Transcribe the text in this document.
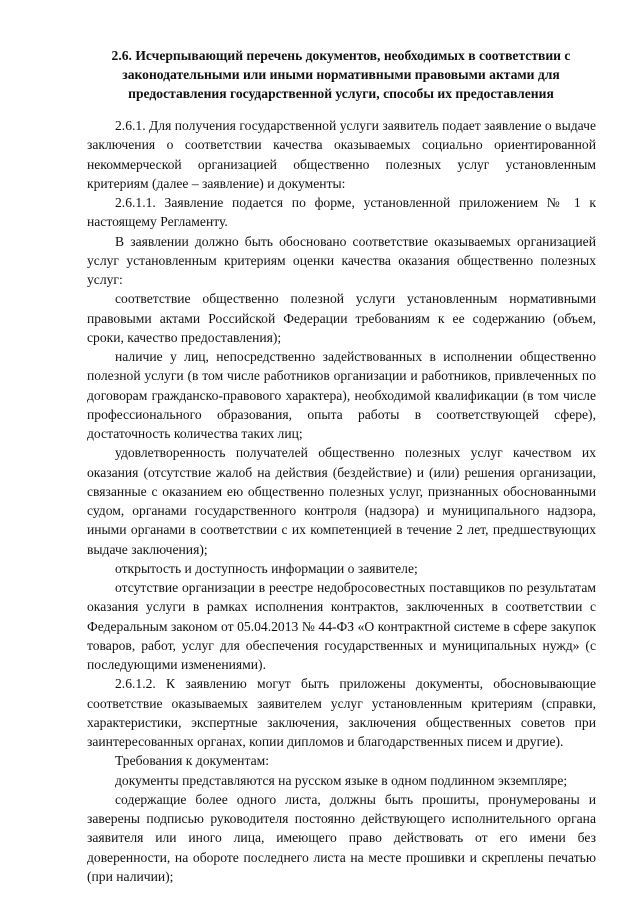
2.6. Исчерпывающий перечень документов, необходимых в соответствии с законодательными или иными нормативными правовыми актами для предоставления государственной услуги, способы их предоставления

2.6.1. Для получения государственной услуги заявитель подает заявление о выдаче заключения о соответствии качества оказываемых социально ориентированной некоммерческой организацией общественно полезных услуг установленным критериям (далее – заявление) и документы:

2.6.1.1. Заявление подается по форме, установленной приложением № 1 к настоящему Регламенту.

В заявлении должно быть обосновано соответствие оказываемых организацией услуг установленным критериям оценки качества оказания общественно полезных услуг:

соответствие общественно полезной услуги установленным нормативными правовыми актами Российской Федерации требованиям к ее содержанию (объем, сроки, качество предоставления);

наличие у лиц, непосредственно задействованных в исполнении общественно полезной услуги (в том числе работников организации и работников, привлеченных по договорам гражданско-правового характера), необходимой квалификации (в том числе профессионального образования, опыта работы в соответствующей сфере), достаточность количества таких лиц;

удовлетворенность получателей общественно полезных услуг качеством их оказания (отсутствие жалоб на действия (бездействие) и (или) решения организации, связанные с оказанием ею общественно полезных услуг, признанных обоснованными судом, органами государственного контроля (надзора) и муниципального надзора, иными органами в соответствии с их компетенцией в течение 2 лет, предшествующих выдаче заключения);

открытость и доступность информации о заявителе;

отсутствие организации в реестре недобросовестных поставщиков по результатам оказания услуги в рамках исполнения контрактов, заключенных в соответствии с Федеральным законом от 05.04.2013 № 44-ФЗ «О контрактной системе в сфере закупок товаров, работ, услуг для обеспечения государственных и муниципальных нужд» (с последующими изменениями).

2.6.1.2. К заявлению могут быть приложены документы, обосновывающие соответствие оказываемых заявителем услуг установленным критериям (справки, характеристики, экспертные заключения, заключения общественных советов при заинтересованных органах, копии дипломов и благодарственных писем и другие).

Требования к документам:

документы представляются на русском языке в одном подлинном экземпляре;

содержащие более одного листа, должны быть прошиты, пронумерованы и заверены подписью руководителя постоянно действующего исполнительного органа заявителя или иного лица, имеющего право действовать от его имени без доверенности, на обороте последнего листа на месте прошивки и скреплены печатью (при наличии);
